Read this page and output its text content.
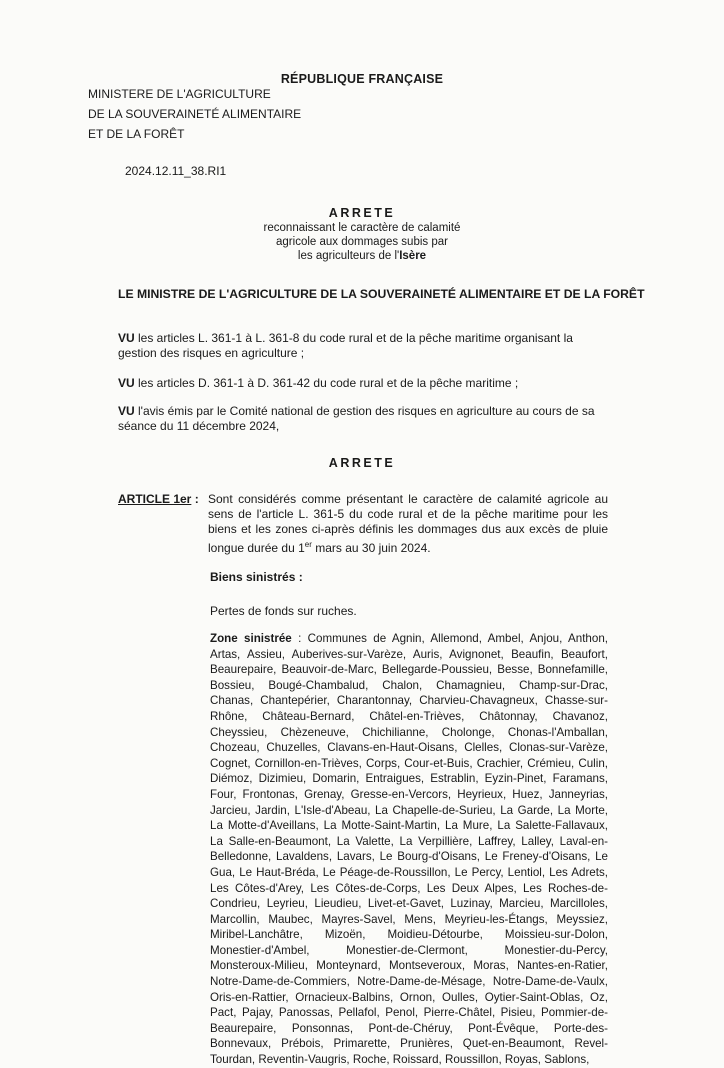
RÉPUBLIQUE FRANÇAISE
MINISTERE DE L'AGRICULTURE
DE LA SOUVERAINETÉ ALIMENTAIRE
ET DE LA FORÊT
2024.12.11_38.RI1
ARRETE
reconnaissant le caractère de calamité
agricole aux dommages subis par
les agriculteurs de l'Isère
LE MINISTRE DE L'AGRICULTURE DE LA SOUVERAINETÉ ALIMENTAIRE ET DE LA FORÊT
VU les articles L. 361-1 à L. 361-8 du code rural et de la pêche maritime organisant la gestion des risques en agriculture ;
VU les articles D. 361-1 à D. 361-42 du code rural et de la pêche maritime ;
VU l'avis émis par le Comité national de gestion des risques en agriculture au cours de sa séance du 11 décembre 2024,
ARRETE
ARTICLE 1er : Sont considérés comme présentant le caractère de calamité agricole au sens de l'article L. 361-5 du code rural et de la pêche maritime pour les biens et les zones ci-après définis les dommages dus aux excès de pluie longue durée du 1er mars au 30 juin 2024.
Biens sinistrés :
Pertes de fonds sur ruches.
Zone sinistrée : Communes de Agnin, Allemond, Ambel, Anjou, Anthon, Artas, Assieu, Auberives-sur-Varèze, Auris, Avignonet, Beaufin, Beaufort, Beaurepaire, Beauvoir-de-Marc, Bellegarde-Poussieu, Besse, Bonnefamille, Bossieu, Bougé-Chambalud, Chalon, Chamagnieu, Champ-sur-Drac, Chanas, Chantepérier, Charantonnay, Charvieu-Chavagneux, Chasse-sur-Rhône, Château-Bernard, Châtel-en-Trièves, Châtonnay, Chavanoz, Cheyssieu, Chèzeneuve, Chichilianne, Cholonge, Chonas-l'Amballan, Chozeau, Chuzelles, Clavans-en-Haut-Oisans, Clelles, Clonas-sur-Varèze, Cognet, Cornillon-en-Trièves, Corps, Cour-et-Buis, Crachier, Crémieu, Culin, Diémoz, Dizimieu, Domarin, Entraigues, Estrablin, Eyzin-Pinet, Faramans, Four, Frontonas, Grenay, Gresse-en-Vercors, Heyrieux, Huez, Janneyrias, Jarcieu, Jardin, L'Isle-d'Abeau, La Chapelle-de-Surieu, La Garde, La Morte, La Motte-d'Aveillans, La Motte-Saint-Martin, La Mure, La Salette-Fallavaux, La Salle-en-Beaumont, La Valette, La Verpillière, Laffrey, Lalley, Laval-en-Belledonne, Lavaldens, Lavars, Le Bourg-d'Oisans, Le Freney-d'Oisans, Le Gua, Le Haut-Bréda, Le Péage-de-Roussillon, Le Percy, Lentiol, Les Adrets, Les Côtes-d'Arey, Les Côtes-de-Corps, Les Deux Alpes, Les Roches-de-Condrieu, Leyrieu, Lieudieu, Livet-et-Gavet, Luzinay, Marcieu, Marcilloles, Marcollin, Maubec, Mayres-Savel, Mens, Meyrieu-les-Étangs, Meyssiez, Miribel-Lanchâtre, Mizoën, Moidieu-Détourbe, Moissieu-sur-Dolon, Monestier-d'Ambel, Monestier-de-Clermont, Monestier-du-Percy, Monsteroux-Milieu, Monteynard, Montseveroux, Moras, Nantes-en-Ratier, Notre-Dame-de-Commiers, Notre-Dame-de-Mésage, Notre-Dame-de-Vaulx, Oris-en-Rattier, Ornacieux-Balbins, Ornon, Oulles, Oytier-Saint-Oblas, Oz, Pact, Pajay, Panossas, Pellafol, Penol, Pierre-Châtel, Pisieu, Pommier-de-Beaurepaire, Ponsonnas, Pont-de-Chéruy, Pont-Évêque, Porte-des-Bonnevaux, Prébois, Primarette, Prunières, Quet-en-Beaumont, Revel-Tourdan, Reventin-Vaugris, Roche, Roissard, Roussillon, Royas, Sablons,
